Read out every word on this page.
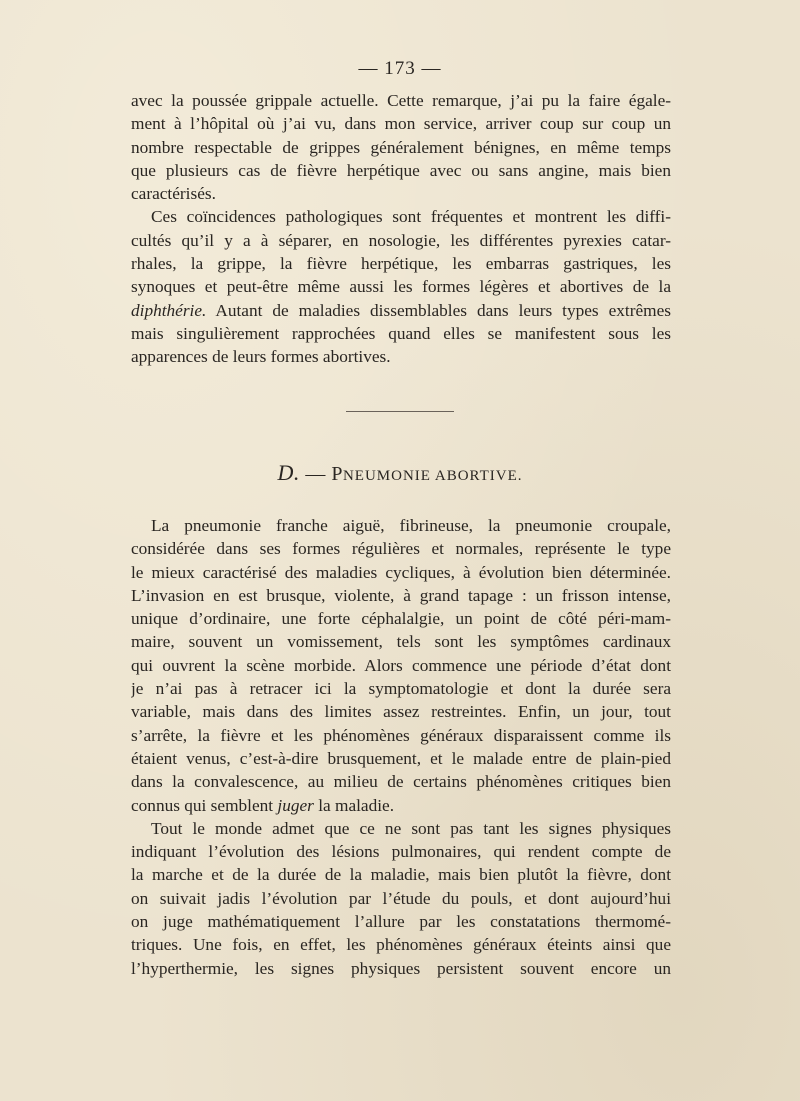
— 173 —
avec la poussée grippale actuelle. Cette remarque, j’ai pu la faire égale-
ment à l’hôpital où j’ai vu, dans mon service, arriver coup sur coup un
nombre respectable de grippes généralement bénignes, en même temps
que plusieurs cas de fièvre herpétique avec ou sans angine, mais bien
caractérisés.
Ces coïncidences pathologiques sont fréquentes et montrent les diffi-
cultés qu’il y a à séparer, en nosologie, les différentes pyrexies catar-
rhales, la grippe, la fièvre herpétique, les embarras gastriques, les
synoques et peut-être même aussi les formes légères et abortives de la
diphthérie. Autant de maladies dissemblables dans leurs types extrêmes
mais singulièrement rapprochées quand elles se manifestent sous les
apparences de leurs formes abortives.
D. — PNEUMONIE ABORTIVE.
La pneumonie franche aiguë, fibrineuse, la pneumonie croupale,
considérée dans ses formes régulières et normales, représente le type
le mieux caractérisé des maladies cycliques, à évolution bien déterminée.
L’invasion en est brusque, violente, à grand tapage : un frisson intense,
unique d’ordinaire, une forte céphalalgie, un point de côté péri-mam-
maire, souvent un vomissement, tels sont les symptômes cardinaux
qui ouvrent la scène morbide. Alors commence une période d’état dont
je n’ai pas à retracer ici la symptomatologie et dont la durée sera
variable, mais dans des limites assez restreintes. Enfin, un jour, tout
s’arrête, la fièvre et les phénomènes généraux disparaissent comme ils
étaient venus, c’est-à-dire brusquement, et le malade entre de plain-pied
dans la convalescence, au milieu de certains phénomènes critiques bien
connus qui semblent juger la maladie.
Tout le monde admet que ce ne sont pas tant les signes physiques
indiquant l’évolution des lésions pulmonaires, qui rendent compte de
la marche et de la durée de la maladie, mais bien plutôt la fièvre, dont
on suivait jadis l’évolution par l’étude du pouls, et dont aujourd’hui
on juge mathématiquement l’allure par les constatations thermomé-
triques. Une fois, en effet, les phénomènes généraux éteints ainsi que
l’hyperthermie, les signes physiques persistent souvent encore un
